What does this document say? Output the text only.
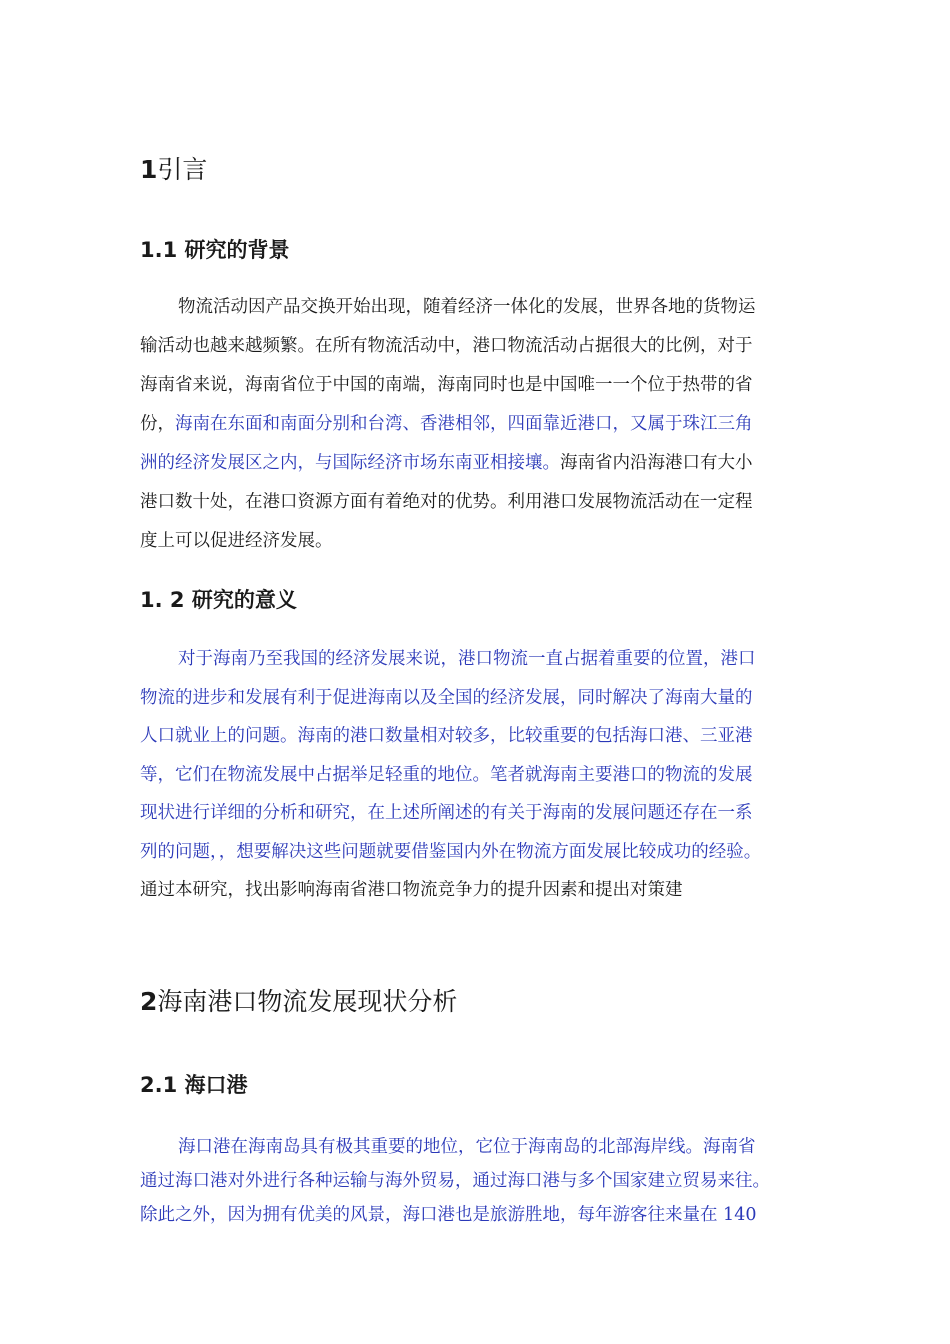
1引言
1.1 研究的背景
1. 2 研究的意义
2海南港口物流发展现状分析
2.1 海口港
物流活动因产品交换开始出现，随着经济一体化的发展，世界各地的货物运
输活动也越来越频繁。在所有物流活动中，港口物流活动占据很大的比例，对于
海南省来说，海南省位于中国的南端，海南同时也是中国唯一一个位于热带的省
份，海南在东面和南面分别和台湾、香港相邻，四面靠近港口，又属于珠江三角
洲的经济发展区之内，与国际经济市场东南亚相接壤。海南省内沿海港口有大小
港口数十处，在港口资源方面有着绝对的优势。利用港口发展物流活动在一定程
度上可以促进经济发展。
对于海南乃至我国的经济发展来说，港口物流一直占据着重要的位置，港口
物流的进步和发展有利于促进海南以及全国的经济发展，同时解决了海南大量的
人口就业上的问题。海南的港口数量相对较多，比较重要的包括海口港、三亚港
等，它们在物流发展中占据举足轻重的地位。笔者就海南主要港口的物流的发展
现状进行详细的分析和研究，在上述所阐述的有关于海南的发展问题还存在一系
列的问题，，想要解决这些问题就要借鉴国内外在物流方面发展比较成功的经验。
通过本研究，找出影响海南省港口物流竞争力的提升因素和提出对策建
海口港在海南岛具有极其重要的地位，它位于海南岛的北部海岸线。海南省
通过海口港对外进行各种运输与海外贸易，通过海口港与多个国家建立贸易来往。
除此之外，因为拥有优美的风景，海口港也是旅游胜地，每年游客往来量在 140
